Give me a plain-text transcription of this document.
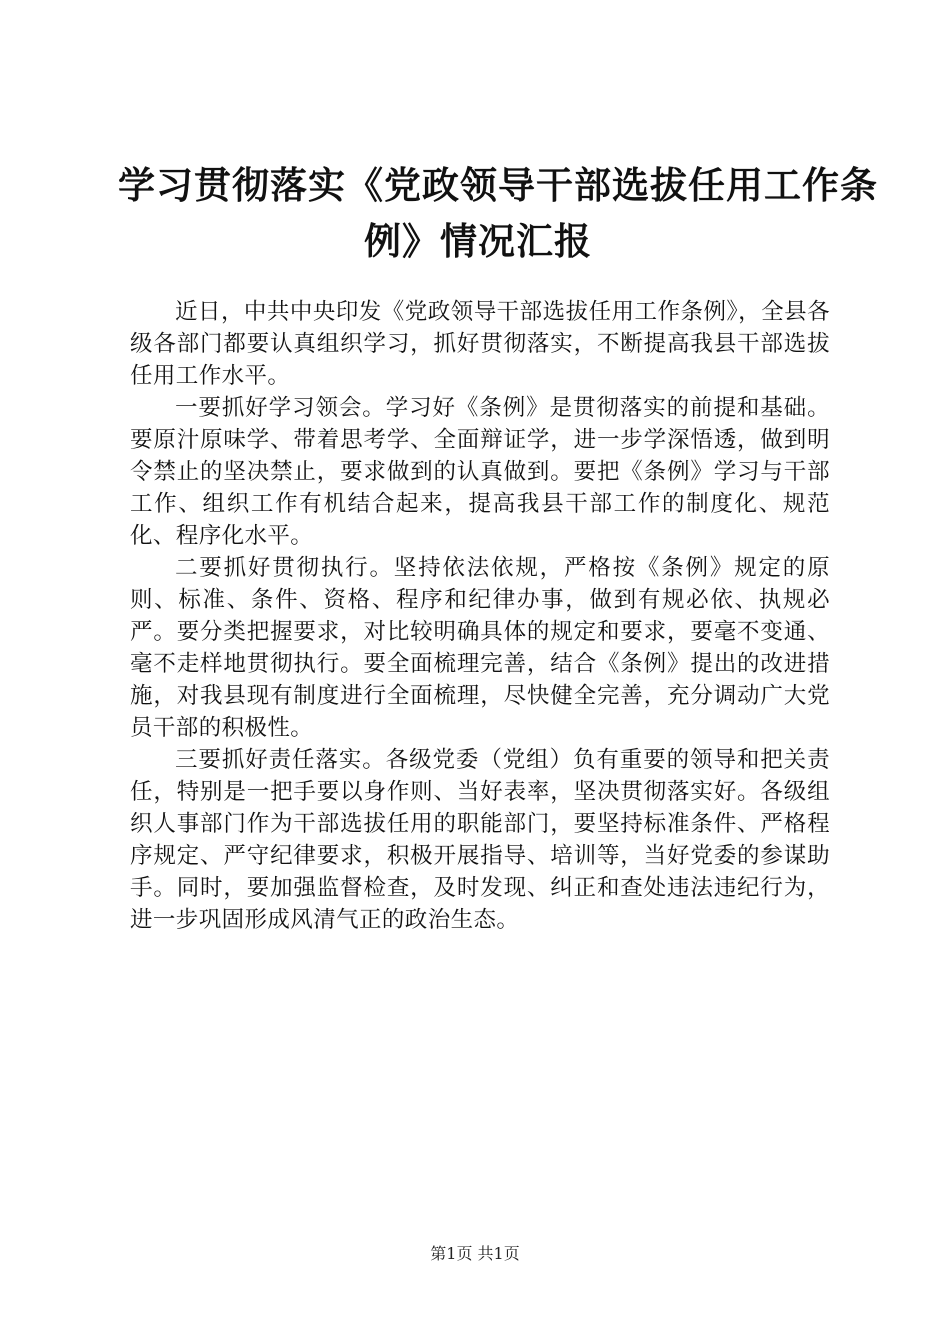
学习贯彻落实《党政领导干部选拔任用工作条
例》情况汇报

近日，中共中央印发《党政领导干部选拔任用工作条例》，全县各级各部门都要认真组织学习，抓好贯彻落实，不断提高我县干部选拔任用工作水平。

一要抓好学习领会。学习好《条例》是贯彻落实的前提和基础。要原汁原味学、带着思考学、全面辩证学，进一步学深悟透，做到明令禁止的坚决禁止，要求做到的认真做到。要把《条例》学习与干部工作、组织工作有机结合起来，提高我县干部工作的制度化、规范化、程序化水平。

二要抓好贯彻执行。坚持依法依规，严格按《条例》规定的原则、标准、条件、资格、程序和纪律办事，做到有规必依、执规必严。要分类把握要求，对比较明确具体的规定和要求，要毫不变通、毫不走样地贯彻执行。要全面梳理完善，结合《条例》提出的改进措施，对我县现有制度进行全面梳理，尽快健全完善，充分调动广大党员干部的积极性。

三要抓好责任落实。各级党委（党组）负有重要的领导和把关责任，特别是一把手要以身作则、当好表率，坚决贯彻落实好。各级组织人事部门作为干部选拔任用的职能部门，要坚持标准条件、严格程序规定、严守纪律要求，积极开展指导、培训等，当好党委的参谋助手。同时，要加强监督检查，及时发现、纠正和查处违法违纪行为，进一步巩固形成风清气正的政治生态。

第1页 共1页
